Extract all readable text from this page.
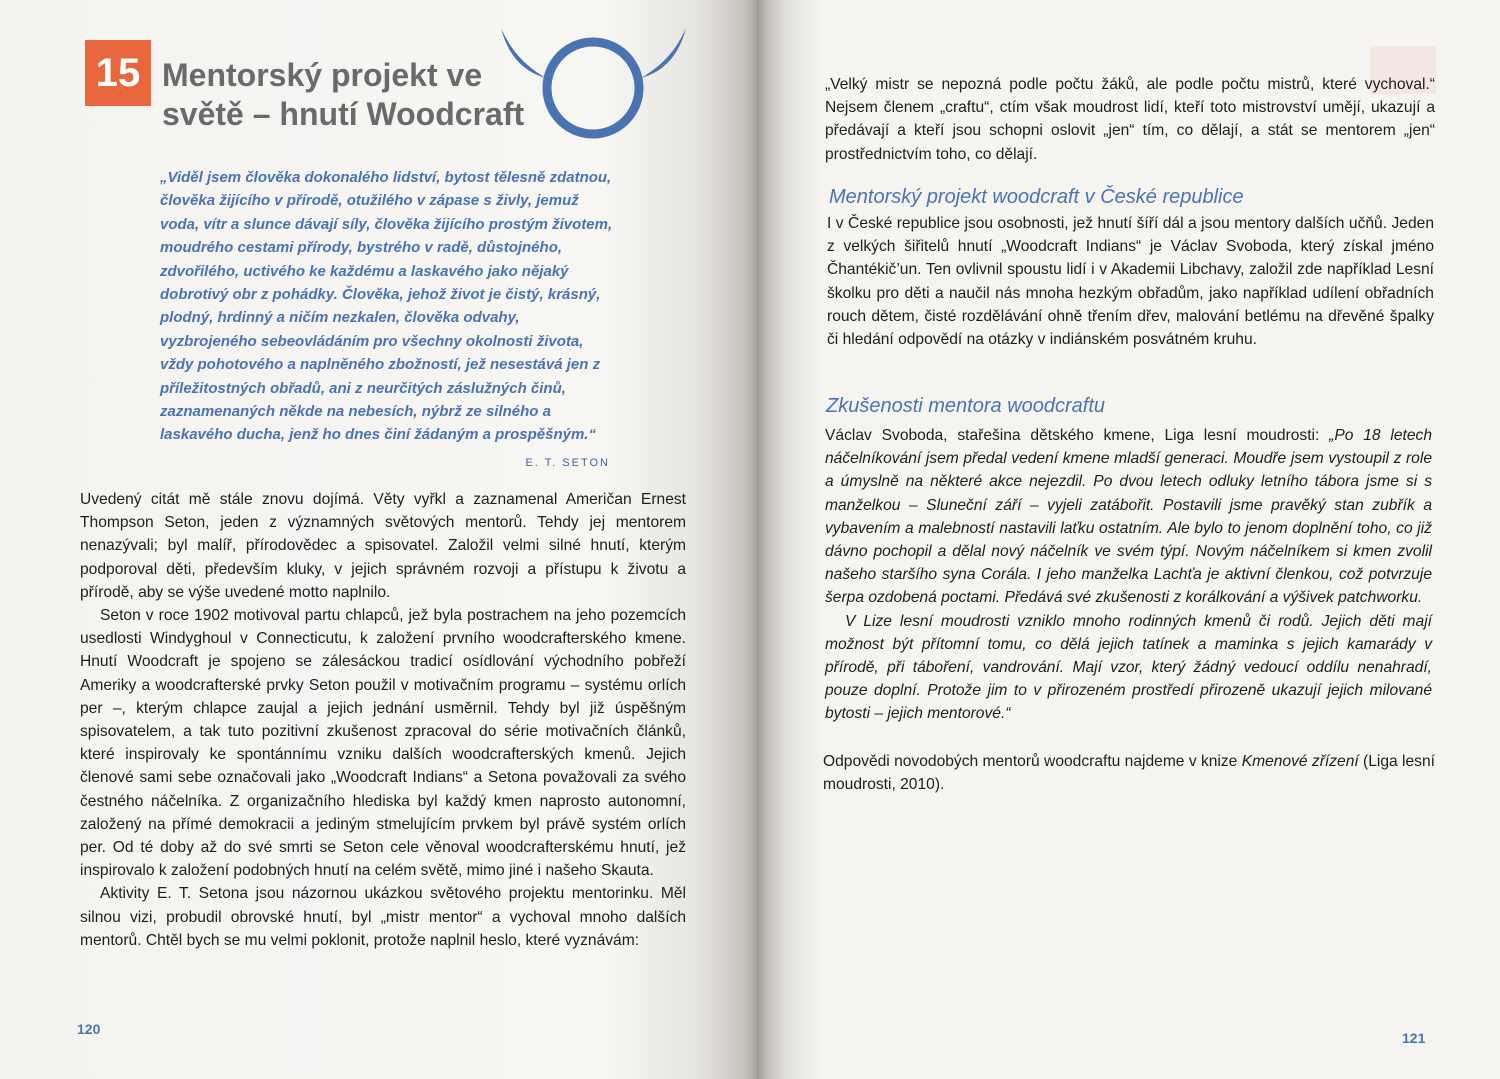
15 Mentorský projekt ve světě – hnutí Woodcraft
„Viděl jsem člověka dokonalého lidství, bytost tělesně zdatnou, člověka žijícího v přírodě, otužilého v zápase s živly, jemuž voda, vítr a slunce dávají síly, člověka žijícího prostým životem, moudrého cestami přírody, bystrého v radě, důstojného, zdvořilého, uctivého ke každému a laskavého jako nějaký dobrotivý obr z pohádky. Člověka, jehož život je čistý, krásný, plodný, hrdinný a ničím nezkalen, člověka odvahy, vyzbrojeného sebeovládáním pro všechny okolnosti života, vždy pohotového a naplněného zbožností, jež nesestává jen z příležitostných obřadů, ani z neurčitých záslužných činů, zaznamenaných někde na nebesích, nýbrž ze silného a laskavého ducha, jenž ho dnes činí žádaným a prospěšným.“
E. T. SETON

Uvedený citát mě stále znovu dojímá. Věty vyřkl a zaznamenal Američan Ernest Thompson Seton, jeden z významných světových mentorů. Tehdy jej mentorem nenazývali; byl malíř, přírodovědec a spisovatel. Založil velmi silné hnutí, kterým podporoval děti, především kluky, v jejich správném rozvoji a přístupu k životu a přírodě, aby se výše uvedené motto naplnilo.

Seton v roce 1902 motivoval partu chlapců, jež byla postrachem na jeho pozemcích usedlosti Windyghoul v Connecticutu, k založení prvního woodcrafterského kmene. Hnutí Woodcraft je spojeno se zálesáckou tradicí osídlování východního pobřeží Ameriky a woodcrafterské prvky Seton použil v motivačním programu – systému orlích per –, kterým chlapce zaujal a jejich jednání usměrnil. Tehdy byl již úspěšným spisovatelem, a tak tuto pozitivní zkušenost zpracoval do série motivačních článků, které inspirovaly ke spontánnímu vzniku dalších woodcrafterských kmenů. Jejich členové sami sebe označovali jako „Woodcraft Indians“ a Setona považovali za svého čestného náčelníka. Z organizačního hlediska byl každý kmen naprosto autonomní, založený na přímé demokracii a jediným stmelujícím prvkem byl právě systém orlích per. Od té doby až do své smrti se Seton cele věnoval woodcrafterskému hnutí, jež inspirovalo k založení podobných hnutí na celém světě, mimo jiné i našeho Skauta.

Aktivity E. T. Setona jsou názornou ukázkou světového projektu mentorinku. Měl silnou vizi, probudil obrovské hnutí, byl „mistr mentor“ a vychoval mnoho dalších mentorů. Chtěl bych se mu velmi poklonit, protože naplnil heslo, které vyznávám:

120

„Velký mistr se nepozná podle počtu žáků, ale podle počtu mistrů, které vychoval.“ Nejsem členem „craftu“, ctím však moudrost lidí, kteří toto mistrovství umějí, ukazují a předávají a kteří jsou schopni oslovit „jen“ tím, co dělají, a stát se mentorem „jen“ prostřednictvím toho, co dělají.

Mentorský projekt woodcraft v České republice

I v České republice jsou osobnosti, jež hnutí šíří dál a jsou mentory dalších učňů. Jeden z velkých šiřitelů hnutí „Woodcraft Indians“ je Václav Svoboda, který získal jméno Čhantékič’un. Ten ovlivnil spoustu lidí i v Akademii Libchavy, založil zde například Lesní školku pro děti a naučil nás mnoha hezkým obřadům, jako například udílení obřadních rouch dětem, čisté rozdělávání ohně třením dřev, malování betlému na dřevěné špalky či hledání odpovědí na otázky v indiánském posvátném kruhu.

Zkušenosti mentora woodcraftu

Václav Svoboda, stařešina dětského kmene, Liga lesní moudrosti: „Po 18 letech náčelníkování jsem předal vedení kmene mladší generaci. Moudře jsem vystoupil z role a úmyslně na některé akce nejezdil. Po dvou letech odluky letního tábora jsme si s manželkou – Sluneční září – vyjeli zatábořit. Postavili jsme pravěký stan zubřík a vybavením a malebností nastavili laťku ostatním. Ale bylo to jenom doplnění toho, co již dávno pochopil a dělal nový náčelník ve svém týpí. Novým náčelníkem si kmen zvolil našeho staršího syna Corála. I jeho manželka Lachťa je aktivní členkou, což potvrzuje šerpa ozdobená poctami. Předává své zkušenosti z korálkování a výšivek patchworku.

V Lize lesní moudrosti vzniklo mnoho rodinných kmenů či rodů. Jejich děti mají možnost být přítomní tomu, co dělá jejich tatínek a maminka s jejich kamarády v přírodě, při táboření, vandrování. Mají vzor, který žádný vedoucí oddílu nenahradí, pouze doplní. Protože jim to v přirozeném prostředí přirozeně ukazují jejich milované bytosti – jejich mentorové.“

Odpovědi novodobých mentorů woodcraftu najdeme v knize Kmenové zřízení (Liga lesní moudrosti, 2010).

121
